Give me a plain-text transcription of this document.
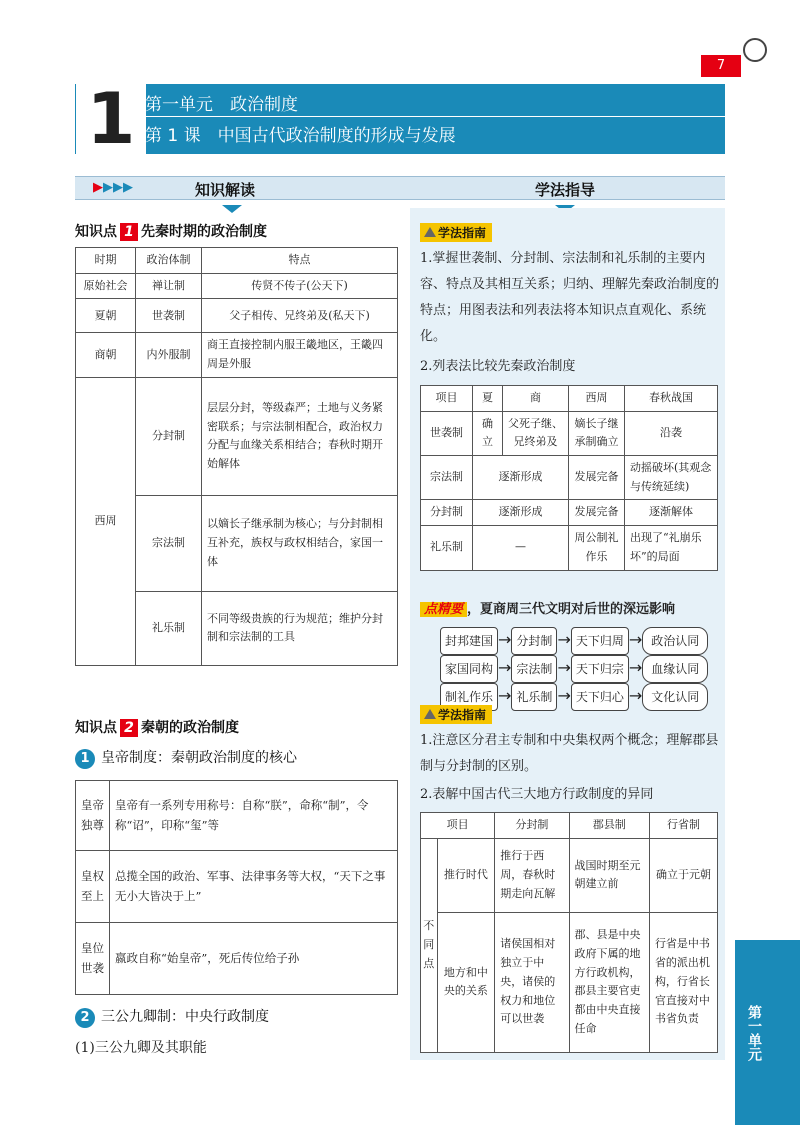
7
1 第一单元　政治制度
第 1 课　中国古代政治制度的形成与发展
▶▶▶▶	知识解读	学法指导
知识点 1 先秦时期的政治制度
时期	政治体制	特点
原始社会	禅让制	传贤不传子(公天下)
夏朝	世袭制	父子相传、兄终弟及(私天下)
商朝	内外服制	商王直接控制内服王畿地区，王畿四周是外服
西周	分封制	层层分封，等级森严；土地与义务紧密联系；与宗法制相配合，政治权力分配与血缘关系相结合；春秋时期开始解体
	宗法制	以嫡长子继承制为核心；与分封制相互补充，族权与政权相结合，家国一体
	礼乐制	不同等级贵族的行为规范；维护分封制和宗法制的工具
知识点 2 秦朝的政治制度
1 皇帝制度：秦朝政治制度的核心
皇帝独尊	皇帝有一系列专用称号：自称“朕”，命称“制”，令称“诏”，印称“玺”等
皇权至上	总揽全国的政治、军事、法律事务等大权，“天下之事无小大皆决于上”
皇位世袭	嬴政自称“始皇帝”，死后传位给子孙
2 三公九卿制：中央行政制度
(1)三公九卿及其职能
学法指南
1.掌握世袭制、分封制、宗法制和礼乐制的主要内容、特点及其相互关系；归纳、理解先秦政治制度的特点；用图表法和列表法将本知识点直观化、系统化。
2.列表法比较先秦政治制度
项目	夏	商	西周	春秋战国
世袭制	确立	父死子继、兄终弟及	嫡长子继承制确立	沿袭
宗法制	逐渐形成		发展完备	动摇破坏(其观念与传统延续)
分封制	逐渐形成		发展完备	逐渐解体
礼乐制	—		周公制礼作乐	出现了“礼崩乐坏”的局面
点精要 ，夏商周三代文明对后世的深远影响
封邦建国 → 分封制 → 天下归周 → 政治认同
家国同构 → 宗法制 → 天下归宗 → 血缘认同
制礼作乐 → 礼乐制 → 天下归心 → 文化认同
学法指南
1.注意区分君主专制和中央集权两个概念；理解郡县制与分封制的区别。
2.表解中国古代三大地方行政制度的异同
项目		分封制	郡县制	行省制
不同点	推行时代	推行于西周，春秋时期走向瓦解	战国时期至元朝建立前	确立于元朝
	地方和中央的关系	诸侯国相对独立于中央，诸侯的权力和地位可以世袭	郡、县是中央政府下属的地方行政机构，郡县主要官吏都由中央直接任命	行省是中书省的派出机构，行省长官直接对中书省负责	第一单元
